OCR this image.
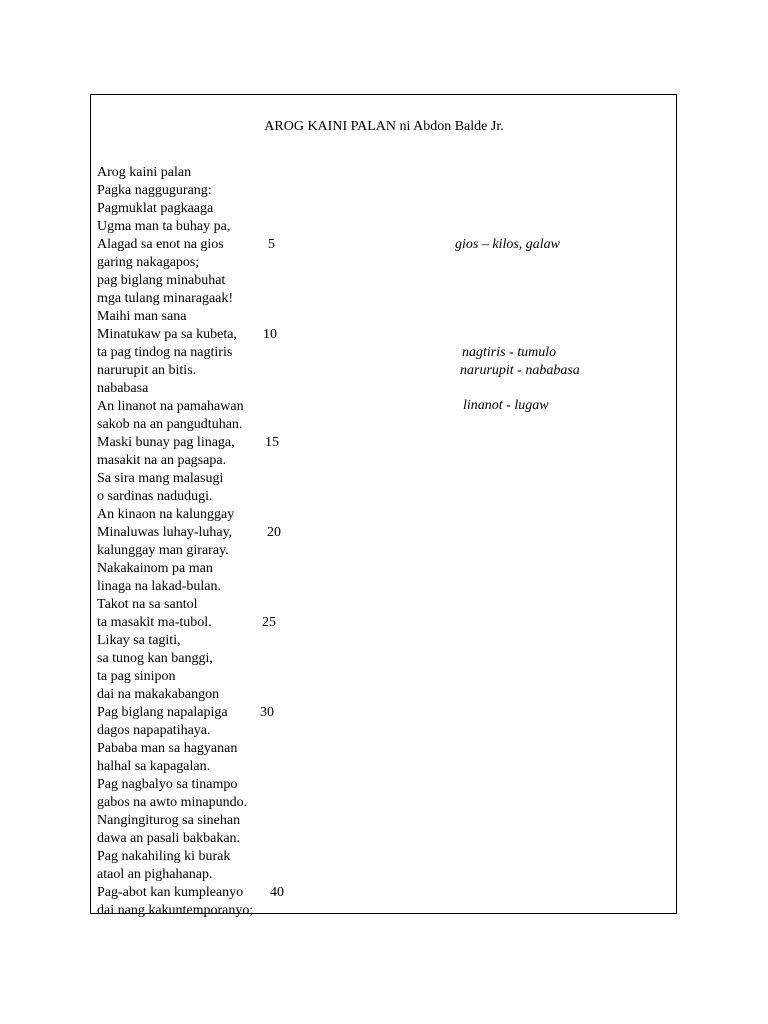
AROG KAINI PALAN ni Abdon Balde Jr.
Arog kaini palan
Pagka naggugurang:
Pagmuklat pagkaaga
Ugma man ta buhay pa,
Alagad sa enot na gios	5
garing nakagapos;
pag biglang minabuhat
mga tulang minaragaak!
Maihi man sana
Minatukaw pa sa kubeta, 10
ta pag tindog na nagtiris
narurupit an bitis.
nababasa
An linanot na pamahawan
sakob na an pangudtuhan.
Maski bunay pag linaga, 15
masakit na an pagsapa.
Sa sira mang malasugi
o sardinas nadudugi.
An kinaon na kalunggay
Minaluwas luhay-luhay, 20
kalunggay man giraray.
Nakakainom pa man
linaga na lakad-bulan.
Takot na sa santol
ta masakit ma-tubol.	25
Likay sa tagiti,
sa tunog kan banggi,
ta pag sinipon
dai na makakabangon
Pag biglang napalapiga 30
dagos napapatihaya.
Pababa man sa hagyanan
halhal sa kapagalan.
Pag nagbalyo sa tinampo
gabos na awto minapundo.
Nangingiturog sa sinehan
dawa an pasali bakbakan.
Pag nakahiling ki burak
ataol an pighahanap.
Pag-abot kan kumpleanyo 40
dai nang kakuntemporanyo;
gios – kilos, galaw
nagtiris - tumulo
narurupit - nababasa
linanot - lugaw
